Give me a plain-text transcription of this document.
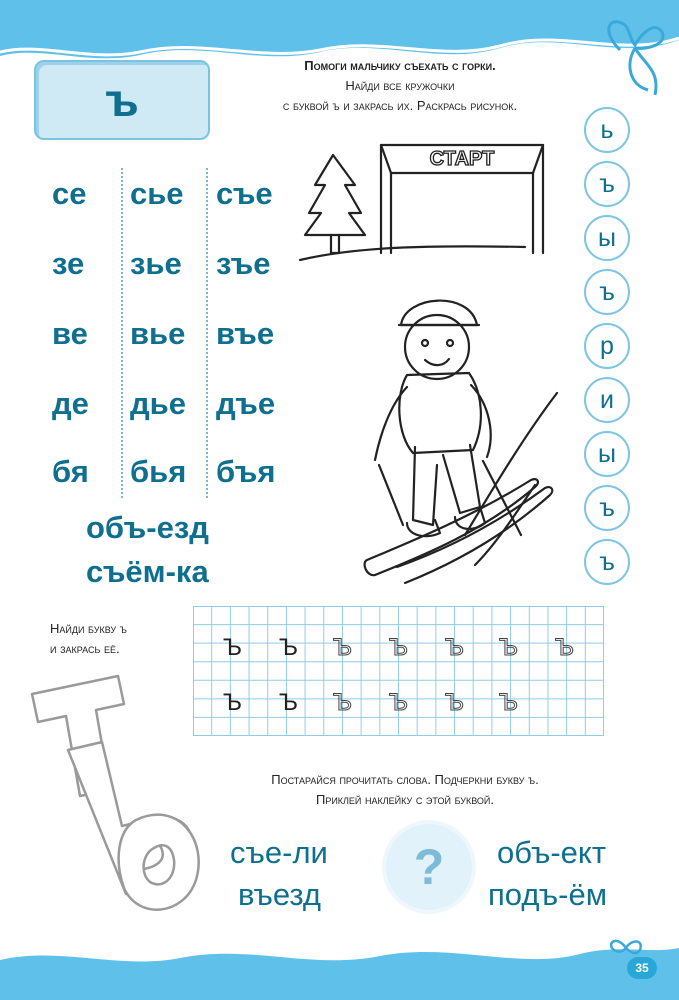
ъ
Помоги мальчику съехать с горки.
Найди все кружочки
с буквой ъ и закрась их. Раскрась рисунок.
се сье съе
зе зье зъе
ве вье въе
де дье дъе
бя бья бъя
объ-езд
съём-ка
СТАРТ
ь
ъ
ы
ъ
р
и
ы
ъ
ъ
Найди букву ъ
и закрась её.	Ъ Ъ Ъ Ъ Ъ Ъ Ъ
Ъ Ъ Ъ Ъ Ъ Ъ
Постарайся прочитать слова. Подчеркни букву ъ.
Приклей наклейку с этой буквой.
съе-ли
въезд ? объ-ект
подъ-ём
35
